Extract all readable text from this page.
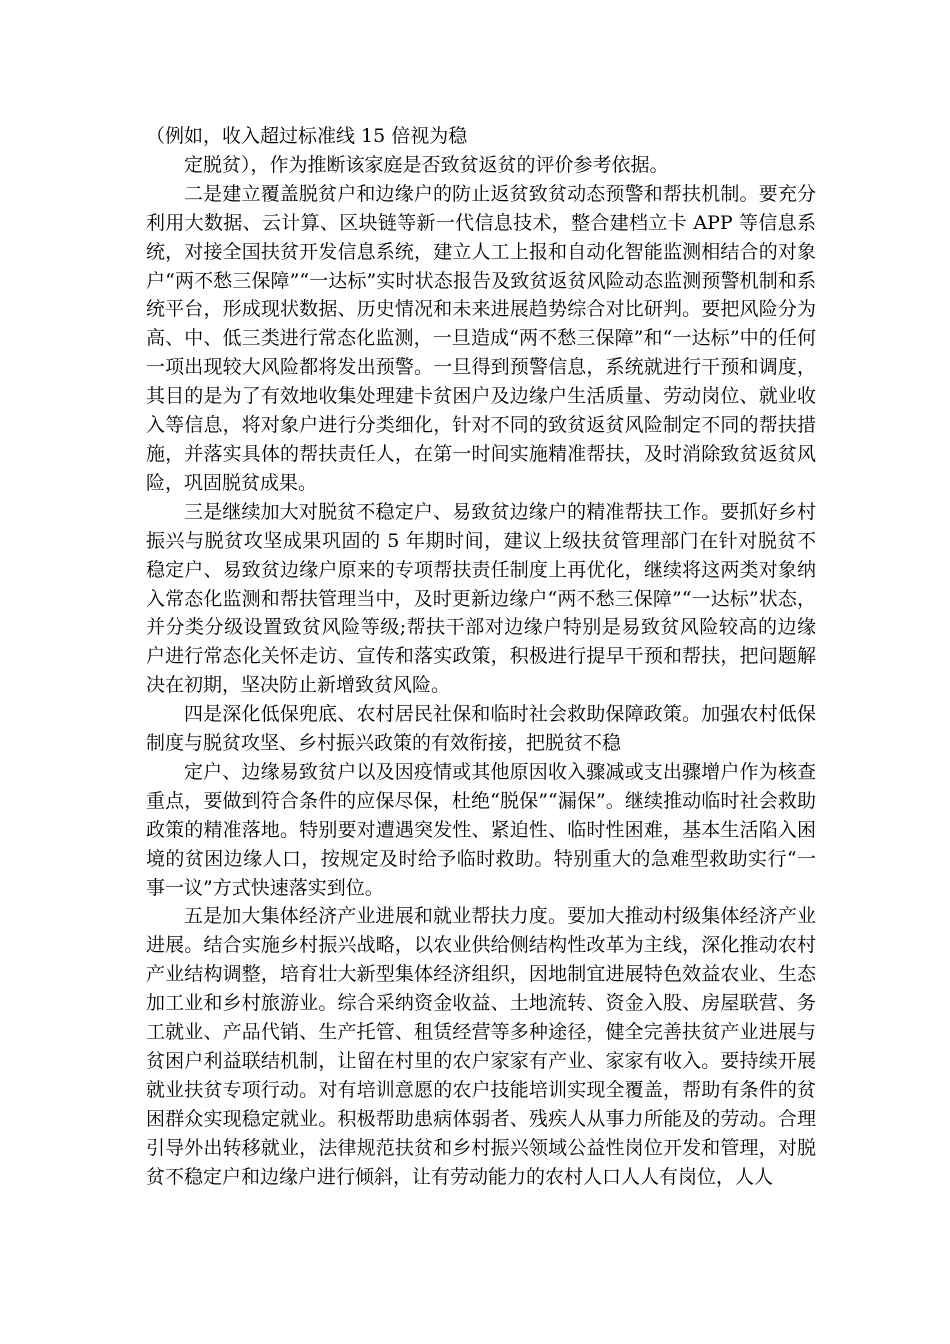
（例如，收入超过标准线 15 倍视为稳

定脱贫），作为推断该家庭是否致贫返贫的评价参考依据。

二是建立覆盖脱贫户和边缘户的防止返贫致贫动态预警和帮扶机制。要充分利用大数据、云计算、区块链等新一代信息技术，整合建档立卡 APP 等信息系统，对接全国扶贫开发信息系统，建立人工上报和自动化智能监测相结合的对象户“两不愁三保障”“一达标”实时状态报告及致贫返贫风险动态监测预警机制和系统平台，形成现状数据、历史情况和未来进展趋势综合对比研判。要把风险分为高、中、低三类进行常态化监测，一旦造成“两不愁三保障”和“一达标”中的任何一项出现较大风险都将发出预警。一旦得到预警信息，系统就进行干预和调度，其目的是为了有效地收集处理建卡贫困户及边缘户生活质量、劳动岗位、就业收入等信息，将对象户进行分类细化，针对不同的致贫返贫风险制定不同的帮扶措施，并落实具体的帮扶责任人，在第一时间实施精准帮扶，及时消除致贫返贫风险，巩固脱贫成果。

三是继续加大对脱贫不稳定户、易致贫边缘户的精准帮扶工作。要抓好乡村振兴与脱贫攻坚成果巩固的 5 年期时间，建议上级扶贫管理部门在针对脱贫不稳定户、易致贫边缘户原来的专项帮扶责任制度上再优化，继续将这两类对象纳入常态化监测和帮扶管理当中，及时更新边缘户“两不愁三保障”“一达标”状态，并分类分级设置致贫风险等级;帮扶干部对边缘户特别是易致贫风险较高的边缘户进行常态化关怀走访、宣传和落实政策，积极进行提早干预和帮扶，把问题解决在初期，坚决防止新增致贫风险。

四是深化低保兜底、农村居民社保和临时社会救助保障政策。加强农村低保制度与脱贫攻坚、乡村振兴政策的有效衔接，把脱贫不稳

定户、边缘易致贫户以及因疫情或其他原因收入骤减或支出骤增户作为核查重点，要做到符合条件的应保尽保，杜绝“脱保”“漏保”。继续推动临时社会救助政策的精准落地。特别要对遭遇突发性、紧迫性、临时性困难，基本生活陷入困境的贫困边缘人口，按规定及时给予临时救助。特别重大的急难型救助实行“一事一议”方式快速落实到位。

五是加大集体经济产业进展和就业帮扶力度。要加大推动村级集体经济产业进展。结合实施乡村振兴战略，以农业供给侧结构性改革为主线，深化推动农村产业结构调整，培育壮大新型集体经济组织，因地制宜进展特色效益农业、生态加工业和乡村旅游业。综合采纳资金收益、土地流转、资金入股、房屋联营、务工就业、产品代销、生产托管、租赁经营等多种途径，健全完善扶贫产业进展与贫困户利益联结机制，让留在村里的农户家家有产业、家家有收入。要持续开展就业扶贫专项行动。对有培训意愿的农户技能培训实现全覆盖，帮助有条件的贫困群众实现稳定就业。积极帮助患病体弱者、残疾人从事力所能及的劳动。合理引导外出转移就业，法律规范扶贫和乡村振兴领域公益性岗位开发和管理，对脱贫不稳定户和边缘户进行倾斜，让有劳动能力的农村人口人人有岗位，人人
